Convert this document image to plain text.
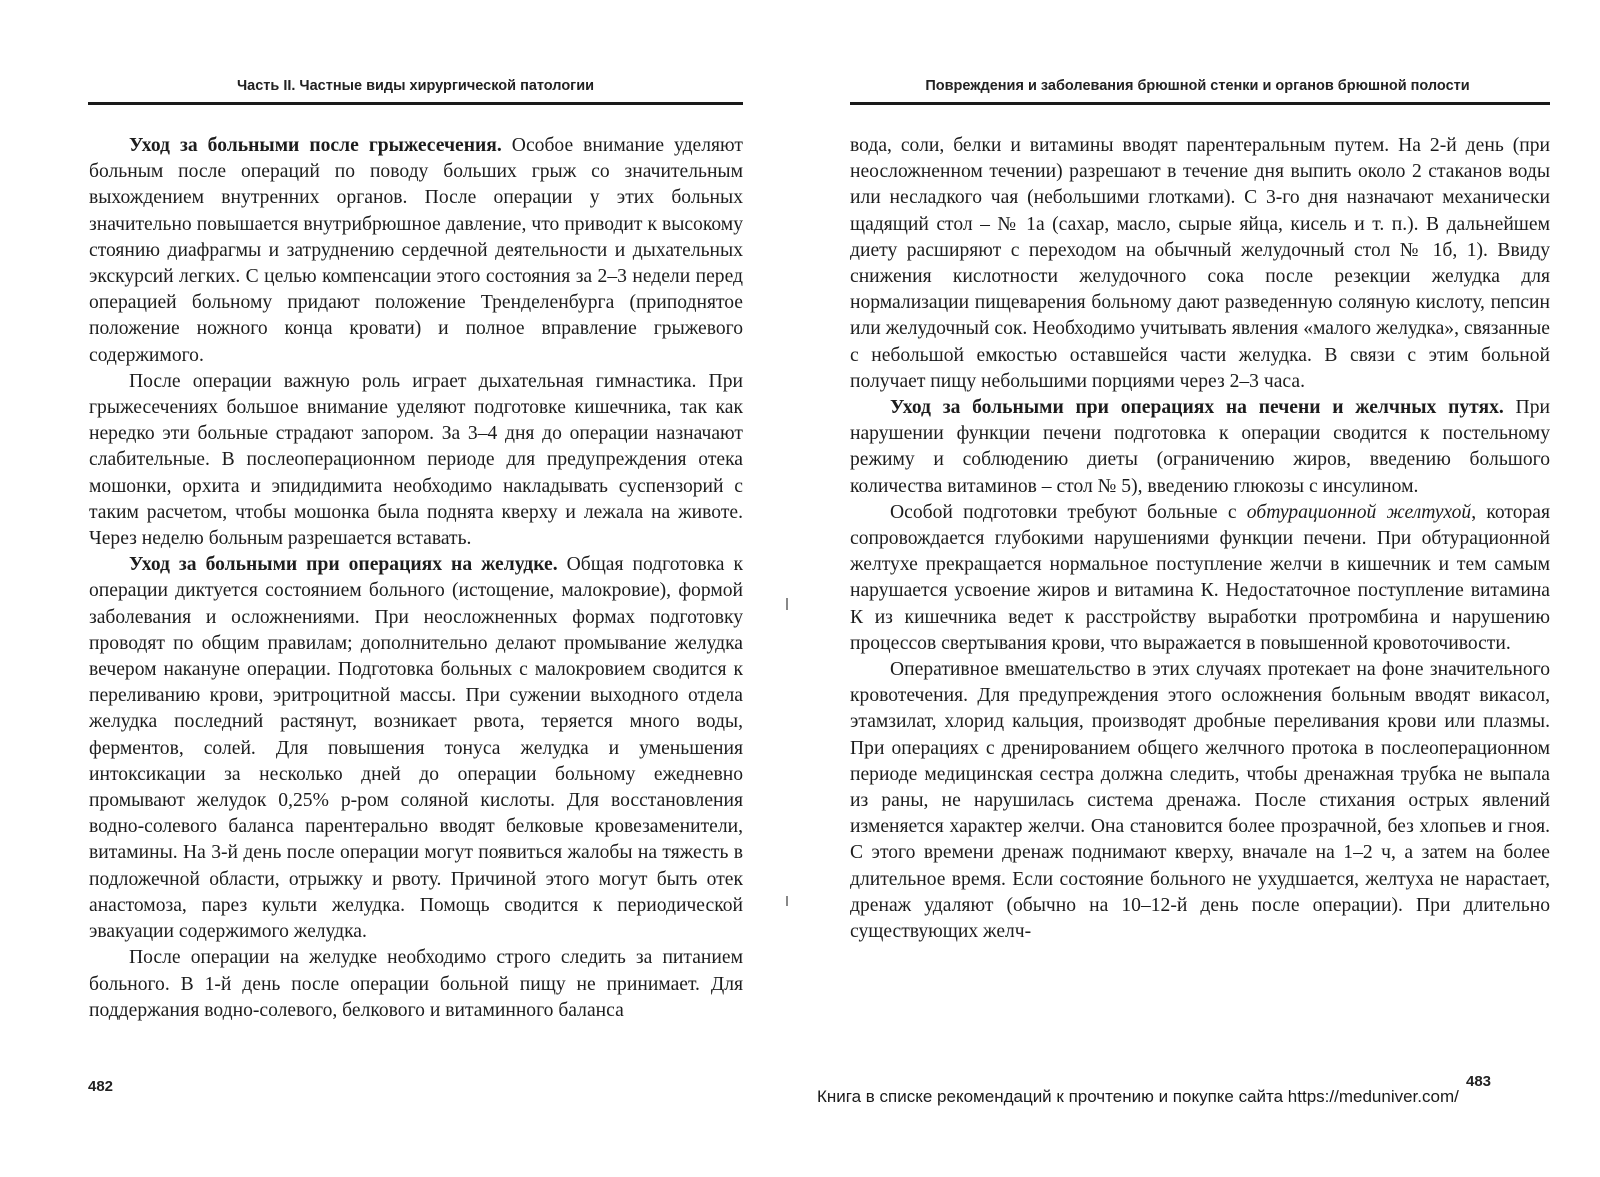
Часть II. Частные виды хирургической патологии

Уход за больными после грыжесечения. Особое внимание уделяют больным после операций по поводу больших грыж со значительным выхождением внутренних органов. После операции у этих больных значительно повышается внутрибрюшное давление, что приводит к высокому стоянию диафрагмы и затруднению сердечной деятельности и дыхательных экскурсий легких. С целью компенсации этого состояния за 2–3 недели перед операцией больному придают положение Тренделенбурга (приподнятое положение ножного конца кровати) и полное вправление грыжевого содержимого.

После операции важную роль играет дыхательная гимнастика. При грыжесечениях большое внимание уделяют подготовке кишечника, так как нередко эти больные страдают запором. За 3–4 дня до операции назначают слабительные. В послеоперационном периоде для предупреждения отека мошонки, орхита и эпидидимита необходимо накладывать суспензорий с таким расчетом, чтобы мошонка была поднята кверху и лежала на животе. Через неделю больным разрешается вставать.

Уход за больными при операциях на желудке. Общая подготовка к операции диктуется состоянием больного (истощение, малокровие), формой заболевания и осложнениями. При неосложненных формах подготовку проводят по общим правилам; дополнительно делают промывание желудка вечером накануне операции. Подготовка больных с малокровием сводится к переливанию крови, эритроцитной массы. При сужении выходного отдела желудка последний растянут, возникает рвота, теряется много воды, ферментов, солей. Для повышения тонуса желудка и уменьшения интоксикации за несколько дней до операции больному ежедневно промывают желудок 0,25% р-ром соляной кислоты. Для восстановления водно-солевого баланса парентерально вводят белковые кровезаменители, витамины. На 3-й день после операции могут появиться жалобы на тяжесть в подложечной области, отрыжку и рвоту. Причиной этого могут быть отек анастомоза, парез культи желудка. Помощь сводится к периодической эвакуации содержимого желудка.

После операции на желудке необходимо строго следить за питанием больного. В 1-й день после операции больной пищу не принимает. Для поддержания водно-солевого, белкового и витаминного баланса

482
Повреждения и заболевания брюшной стенки и органов брюшной полости

вода, соли, белки и витамины вводят парентеральным путем. На 2-й день (при неосложненном течении) разрешают в течение дня выпить около 2 стаканов воды или несладкого чая (небольшими глотками). С 3-го дня назначают механически щадящий стол – № 1а (сахар, масло, сырые яйца, кисель и т. п.). В дальнейшем диету расширяют с переходом на обычный желудочный стол № 1б, 1). Ввиду снижения кислотности желудочного сока после резекции желудка для нормализации пищеварения больному дают разведенную соляную кислоту, пепсин или желудочный сок. Необходимо учитывать явления «малого желудка», связанные с небольшой емкостью оставшейся части желудка. В связи с этим больной получает пищу небольшими порциями через 2–3 часа.

Уход за больными при операциях на печени и желчных путях. При нарушении функции печени подготовка к операции сводится к постельному режиму и соблюдению диеты (ограничению жиров, введению большого количества витаминов – стол № 5), введению глюкозы с инсулином.

Особой подготовки требуют больные с обтурационной желтухой, которая сопровождается глубокими нарушениями функции печени. При обтурационной желтухе прекращается нормальное поступление желчи в кишечник и тем самым нарушается усвоение жиров и витамина К. Недостаточное поступление витамина К из кишечника ведет к расстройству выработки протромбина и нарушению процессов свертывания крови, что выражается в повышенной кровоточивости.

Оперативное вмешательство в этих случаях протекает на фоне значительного кровотечения. Для предупреждения этого осложнения больным вводят викасол, этамзилат, хлорид кальция, производят дробные переливания крови или плазмы. При операциях с дренированием общего желчного протока в послеоперационном периоде медицинская сестра должна следить, чтобы дренажная трубка не выпала из раны, не нарушилась система дренажа. После стихания острых явлений изменяется характер желчи. Она становится более прозрачной, без хлопьев и гноя. С этого времени дренаж поднимают кверху, вначале на 1–2 ч, а затем на более длительное время. Если состояние больного не ухудшается, желтуха не нарастает, дренаж удаляют (обычно на 10–12-й день после операции). При длительно существующих желч-

483
Книга в списке рекомендаций к прочтению и покупке сайта https://meduniver.com/
